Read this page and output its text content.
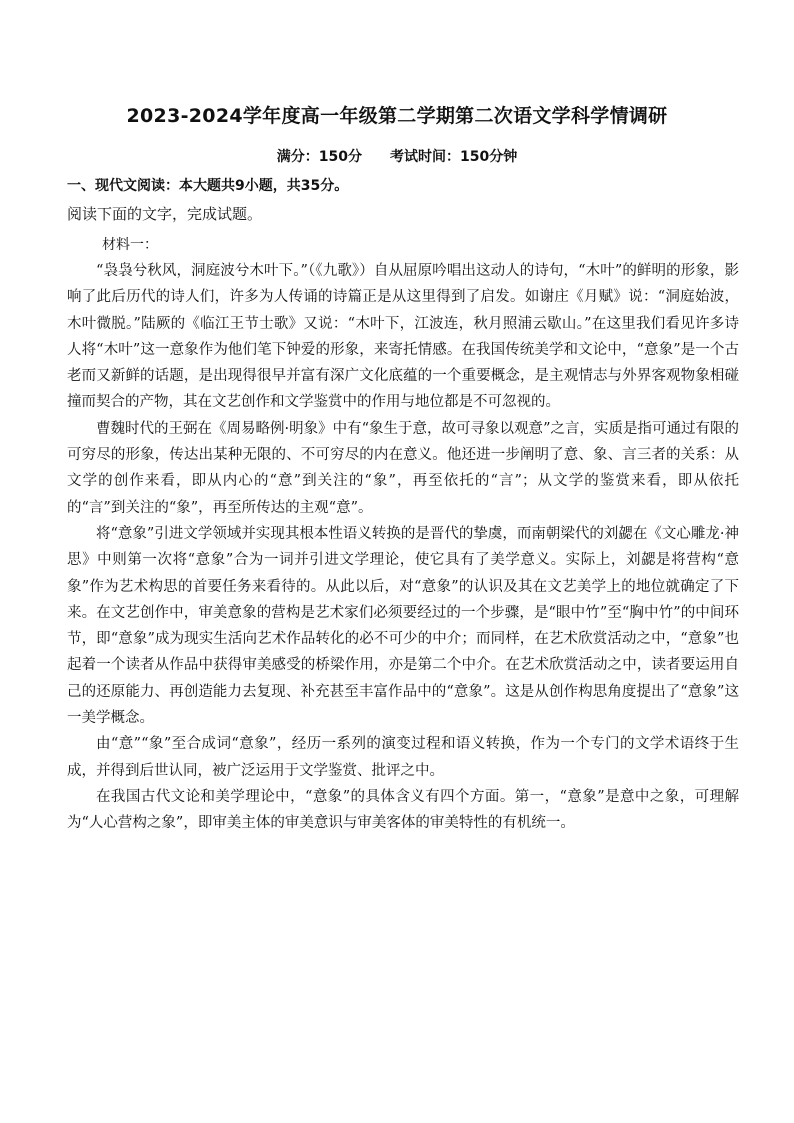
2023-2024学年度高一年级第二学期第二次语文学科学情调研
满分：150分 考试时间：150分钟
一、现代文阅读：本大题共9小题，共35分。
阅读下面的文字，完成试题。
材料一：

“袅袅兮秋风，洞庭波兮木叶下。”（《九歌》）自从屈原吟唱出这动人的诗句，“木叶”的鲜明的形象，影响了此后历代的诗人们，许多为人传诵的诗篇正是从这里得到了启发。如谢庄《月赋》说：“洞庭始波，木叶微脱。”陆厥的《临江王节士歌》又说：“木叶下，江波连，秋月照浦云歇山。”在这里我们看见许多诗人将“木叶”这一意象作为他们笔下钟爱的形象，来寄托情感。在我国传统美学和文论中，“意象”是一个古老而又新鲜的话题，是出现得很早并富有深广文化底蕴的一个重要概念，是主观情志与外界客观物象相碰撞而契合的产物，其在文艺创作和文学鉴赏中的作用与地位都是不可忽视的。

曹魏时代的王弼在《周易略例·明象》中有“象生于意，故可寻象以观意”之言，实质是指可通过有限的可穷尽的形象，传达出某种无限的、不可穷尽的内在意义。他还进一步阐明了意、象、言三者的关系：从文学的创作来看，即从内心的“意”到关注的“象”，再至依托的“言”；从文学的鉴赏来看，即从依托的“言”到关注的“象”，再至所传达的主观“意”。

将“意象”引进文学领域并实现其根本性语义转换的是晋代的挚虞，而南朝梁代的刘勰在《文心雕龙·神思》中则第一次将“意象”合为一词并引进文学理论，使它具有了美学意义。实际上，刘勰是将营构“意象”作为艺术构思的首要任务来看待的。从此以后，对“意象”的认识及其在文艺美学上的地位就确定了下来。在文艺创作中，审美意象的营构是艺术家们必须要经过的一个步骤，是“眼中竹”至“胸中竹”的中间环节，即“意象”成为现实生活向艺术作品转化的必不可少的中介；而同样，在艺术欣赏活动之中，“意象”也起着一个读者从作品中获得审美感受的桥梁作用，亦是第二个中介。在艺术欣赏活动之中，读者要运用自己的还原能力、再创造能力去复现、补充甚至丰富作品中的“意象”。这是从创作构思角度提出了“意象”这一美学概念。

由“意”“象”至合成词“意象”，经历一系列的演变过程和语义转换，作为一个专门的文学术语终于生成，并得到后世认同，被广泛运用于文学鉴赏、批评之中。

在我国古代文论和美学理论中，“意象”的具体含义有四个方面。第一，“意象”是意中之象，可理解为“人心营构之象”，即审美主体的审美意识与审美客体的审美特性的有机统一。
